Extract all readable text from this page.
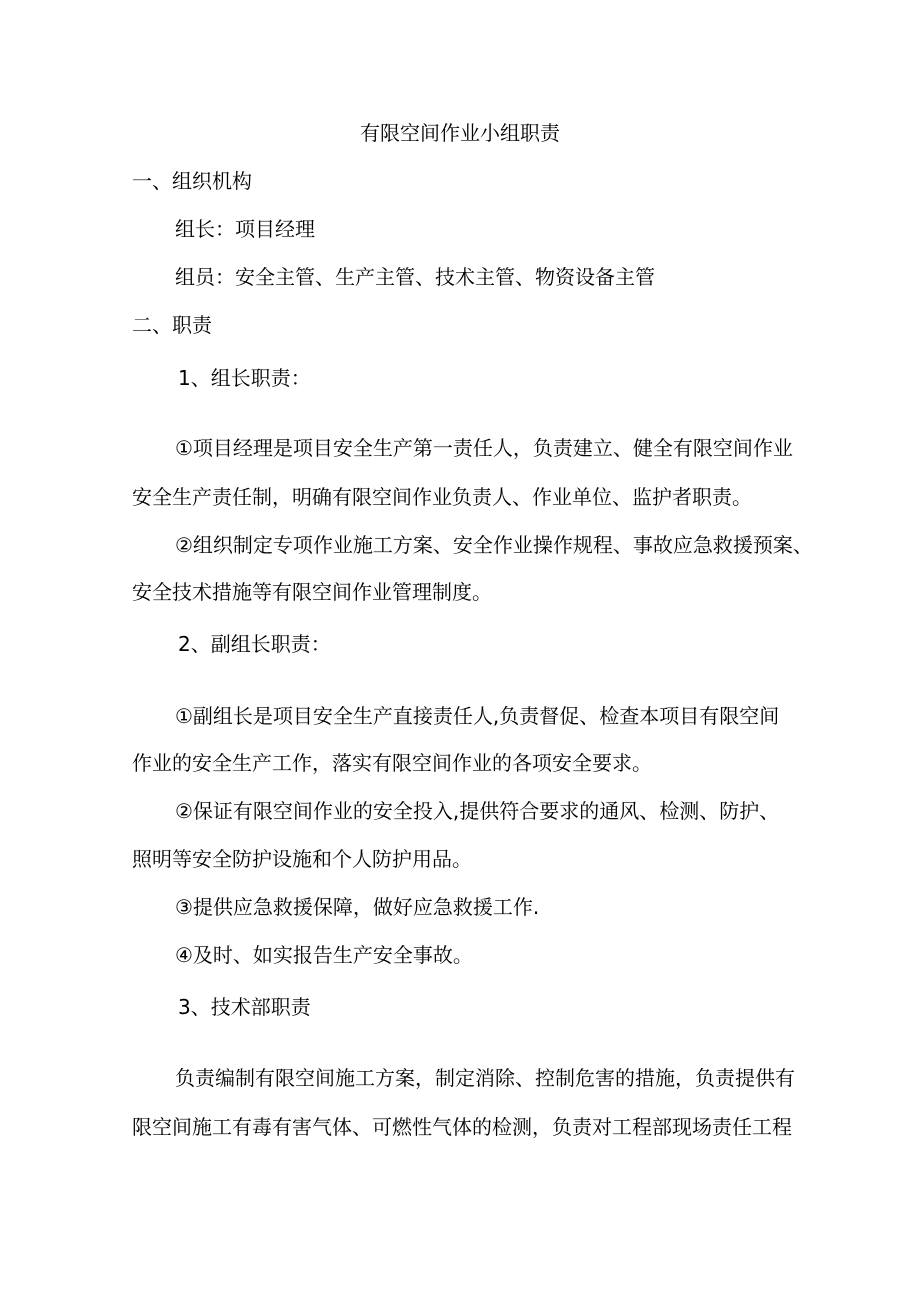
有限空间作业小组职责
一、组织机构
组长：项目经理
组员：安全主管、生产主管、技术主管、物资设备主管
二、职责
1、组长职责：
①项目经理是项目安全生产第一责任人，负责建立、健全有限空间作业
安全生产责任制，明确有限空间作业负责人、作业单位、监护者职责。
②组织制定专项作业施工方案、安全作业操作规程、事故应急救援预案、
安全技术措施等有限空间作业管理制度。
2、副组长职责：
①副组长是项目安全生产直接责任人,负责督促、检查本项目有限空间
作业的安全生产工作，落实有限空间作业的各项安全要求。
②保证有限空间作业的安全投入,提供符合要求的通风、检测、防护、
照明等安全防护设施和个人防护用品。
③提供应急救援保障，做好应急救援工作.
④及时、如实报告生产安全事故。
3、技术部职责
负责编制有限空间施工方案，制定消除、控制危害的措施，负责提供有
限空间施工有毒有害气体、可燃性气体的检测，负责对工程部现场责任工程
